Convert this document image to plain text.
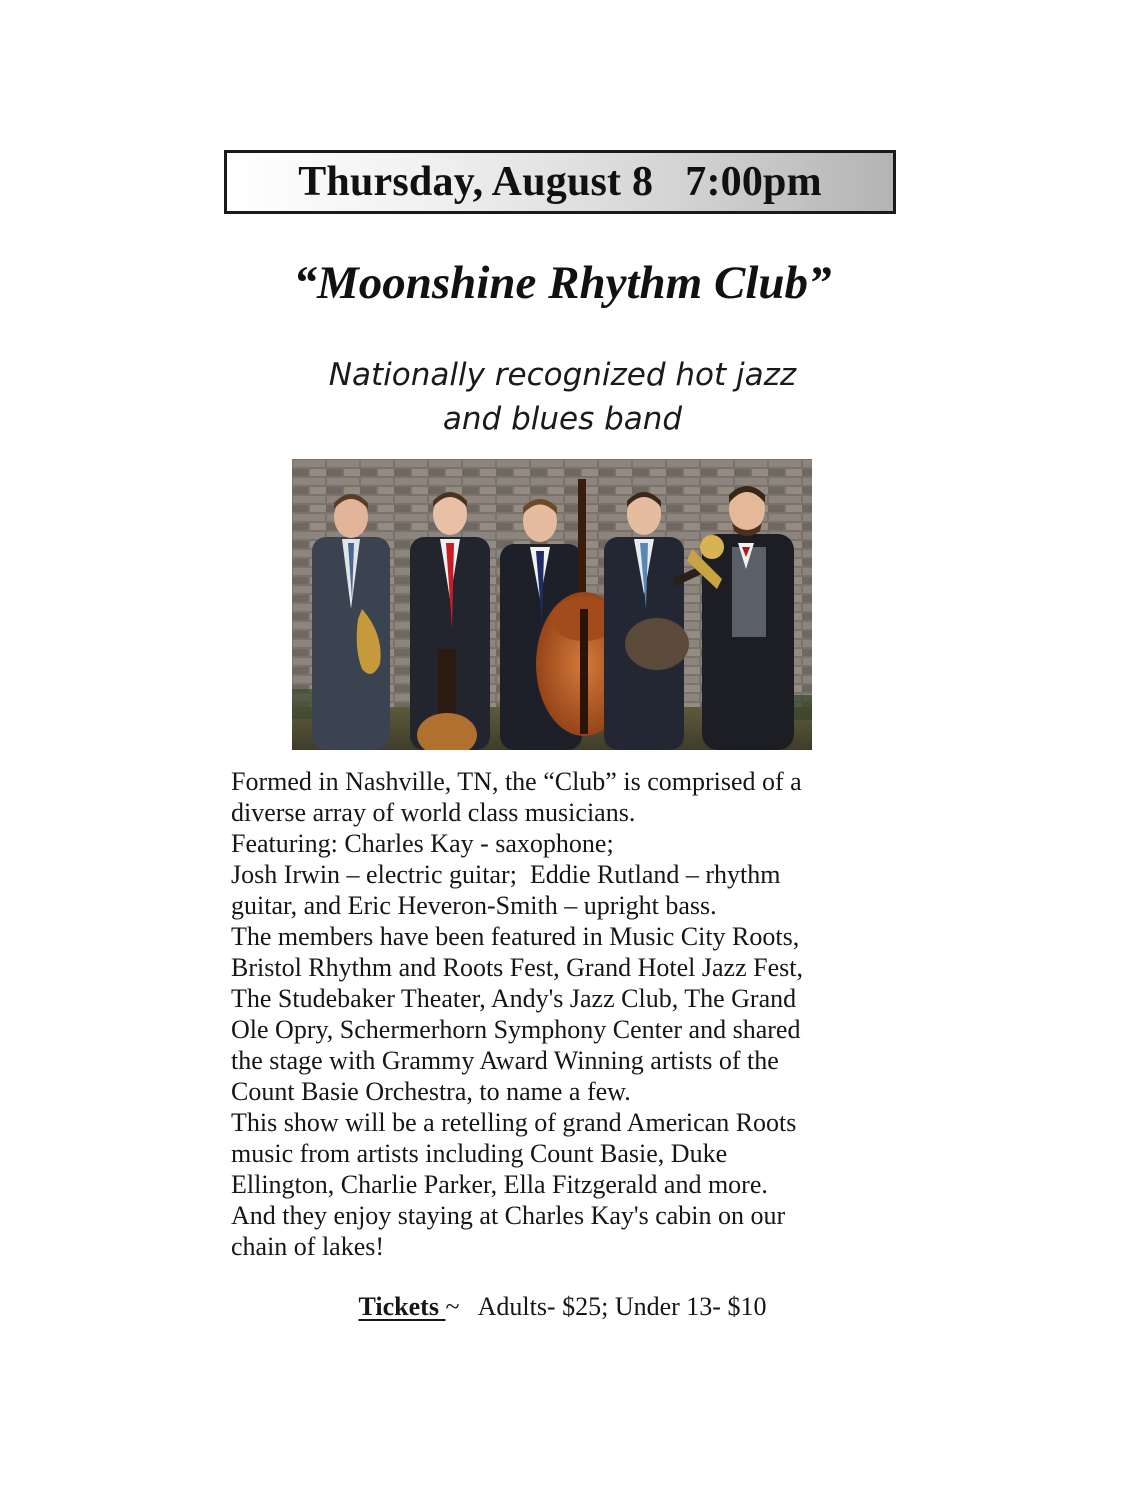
Thursday, August 8   7:00pm
“Moonshine Rhythm Club”
Nationally recognized hot jazz
and blues band
Formed in Nashville, TN, the “Club” is comprised of a
diverse array of world class musicians.
Featuring: Charles Kay - saxophone;
Josh Irwin – electric guitar;  Eddie Rutland – rhythm
guitar, and Eric Heveron-Smith – upright bass.
The members have been featured in Music City Roots,
Bristol Rhythm and Roots Fest, Grand Hotel Jazz Fest,
The Studebaker Theater, Andy's Jazz Club, The Grand
Ole Opry, Schermerhorn Symphony Center and shared
the stage with Grammy Award Winning artists of the
Count Basie Orchestra, to name a few.
This show will be a retelling of grand American Roots
music from artists including Count Basie, Duke
Ellington, Charlie Parker, Ella Fitzgerald and more.
And they enjoy staying at Charles Kay's cabin on our
chain of lakes!
Tickets ~   Adults- $25; Under 13- $10
